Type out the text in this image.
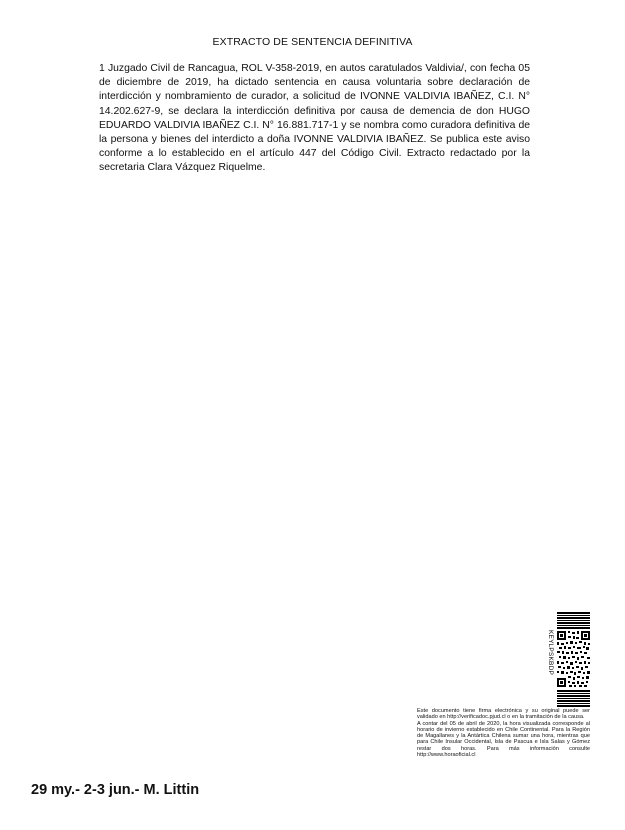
EXTRACTO DE SENTENCIA DEFINITIVA
1 Juzgado Civil de Rancagua, ROL V-358-2019, en autos caratulados Valdivia/, con fecha 05 de diciembre de 2019, ha dictado sentencia en causa voluntaria sobre declaración de interdicción y nombramiento de curador, a solicitud de IVONNE VALDIVIA IBAÑEZ, C.I. N° 14.202.627-9, se declara la interdicción definitiva por causa de demencia de don HUGO EDUARDO VALDIVIA IBAÑEZ C.I. N° 16.881.717-1 y se nombra como curadora definitiva de la persona y bienes del interdicto a doña IVONNE VALDIVIA IBAÑEZ. Se publica este aviso conforme a lo establecido en el artículo 447 del Código Civil. Extracto redactado por la secretaria Clara Vázquez Riquelme.
KEYLPSKBDP

Este documento tiene firma electrónica y su original puede ser validado en http://verificadoc.pjud.cl o en la tramitación de la causa.

A contar del 05 de abril de 2020, la hora visualizada corresponde al horario de invierno establecido en Chile Continental. Para la Región de Magallanes y la Antártica Chilena sumar una hora, mientras que para Chile Insular Occidental, Isla de Pascua e Isla Salas y Gómez restar dos horas. Para más información consulte http://www.horaoficial.cl

29 my.- 2-3 jun.- M. Littin
